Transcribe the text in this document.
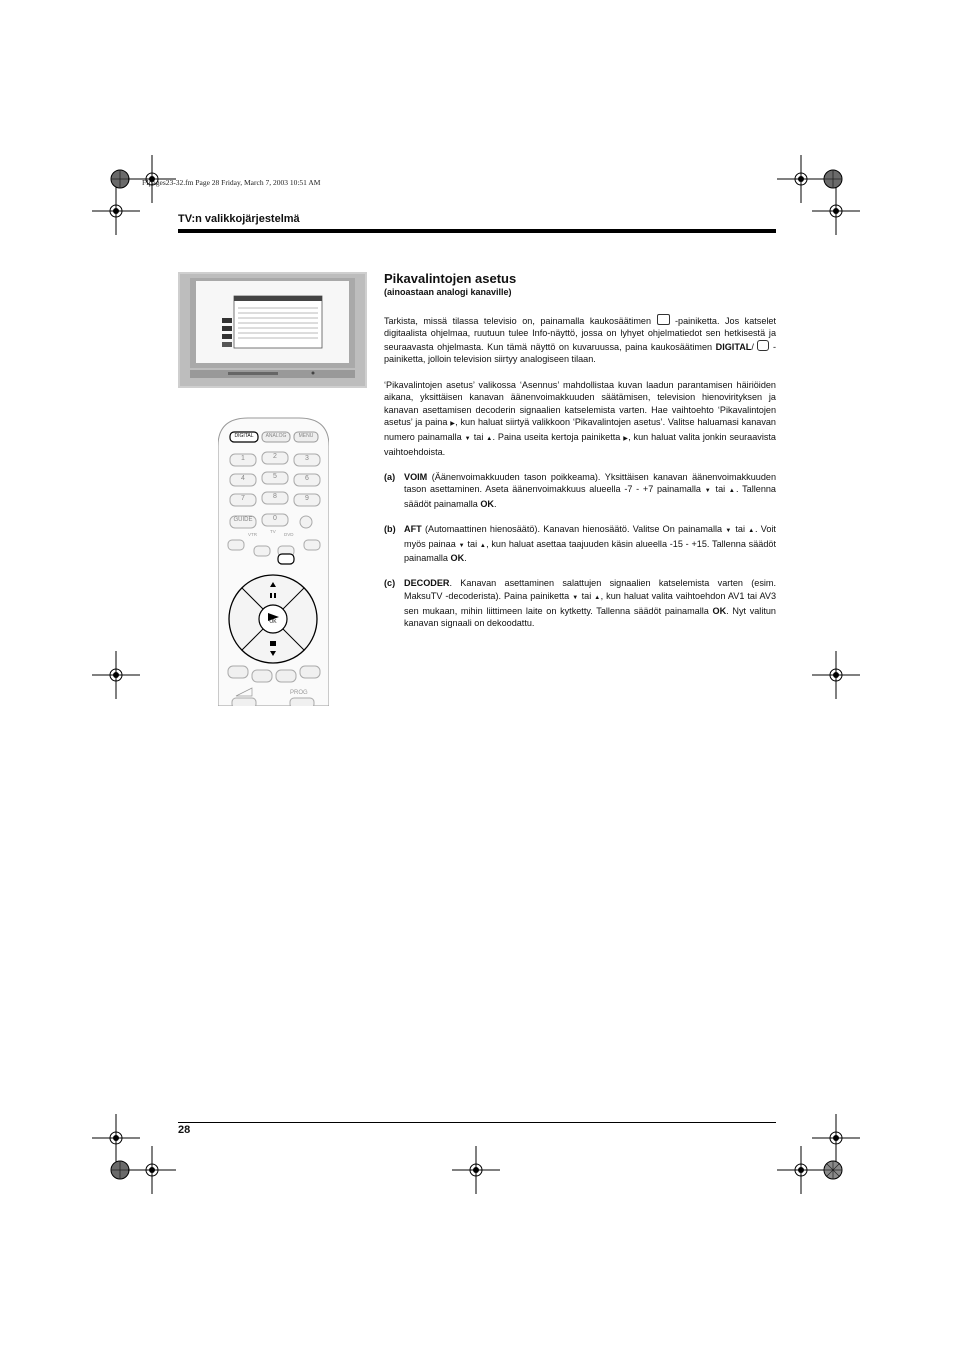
FIpages23-32.fm Page 28 Friday, March 7, 2003 10:51 AM
TV:n valikkojärjestelmä
DIGITAL	ANALOG	MENU
1	2	3
4	5	6
7	8	9
0
GUIDE
VTR
TV
DVD
OK
PROG
Pikavalintojen asetus
(ainoastaan analogi kanaville)

Tarkista, missä tilassa televisio on, painamalla kaukosäätimen  -painiketta. Jos katselet digitaalista ohjelmaa, ruutuun tulee Info-näyttö, jossa on lyhyet ohjelmatiedot sen hetkisestä ja seuraavasta ohjelmasta. Kun tämä näyttö on kuvaruussa, paina kaukosäätimen DIGITAL/  -painiketta, jolloin television siirtyy analogiseen tilaan.

‘Pikavalintojen asetus’ valikossa ‘Asennus’ mahdollistaa kuvan laadun parantamisen häiriöiden aikana, yksittäisen kanavan äänenvoimakkuuden säätämisen, television hienovirityksen ja kanavan asettamisen decoderin signaalien katselemista varten. Hae vaihtoehto ‘Pikavalintojen asetus’ ja paina ▶, kun haluat siirtyä valikkoon ‘Pikavalintojen asetus’. Valitse haluamasi kanavan numero painamalla ▼ tai ▲. Paina useita kertoja painiketta ▶, kun haluat valita jonkin seuraavista vaihtoehdoista.

(a) VOIM (Äänenvoimakkuuden tason poikkeama). Yksittäisen kanavan äänenvoimakkuuden tason asettaminen. Aseta äänenvoimakkuus alueella -7 - +7 painamalla ▼ tai ▲. Tallenna säädöt painamalla OK.
(b) AFT (Automaattinen hienosäätö). Kanavan hienosäätö. Valitse On painamalla ▼ tai ▲. Voit myös painaa ▼ tai ▲, kun haluat asettaa taajuuden käsin alueella -15 - +15. Tallenna säädöt painamalla OK.
(c) DECODER. Kanavan asettaminen salattujen signaalien katselemista varten (esim. MaksuTV -decoderista). Paina painiketta ▼ tai ▲, kun haluat valita vaihtoehdon AV1 tai AV3 sen mukaan, mihin liittimeen laite on kytketty. Tallenna säädöt painamalla OK. Nyt valitun kanavan signaali on dekoodattu.
28
